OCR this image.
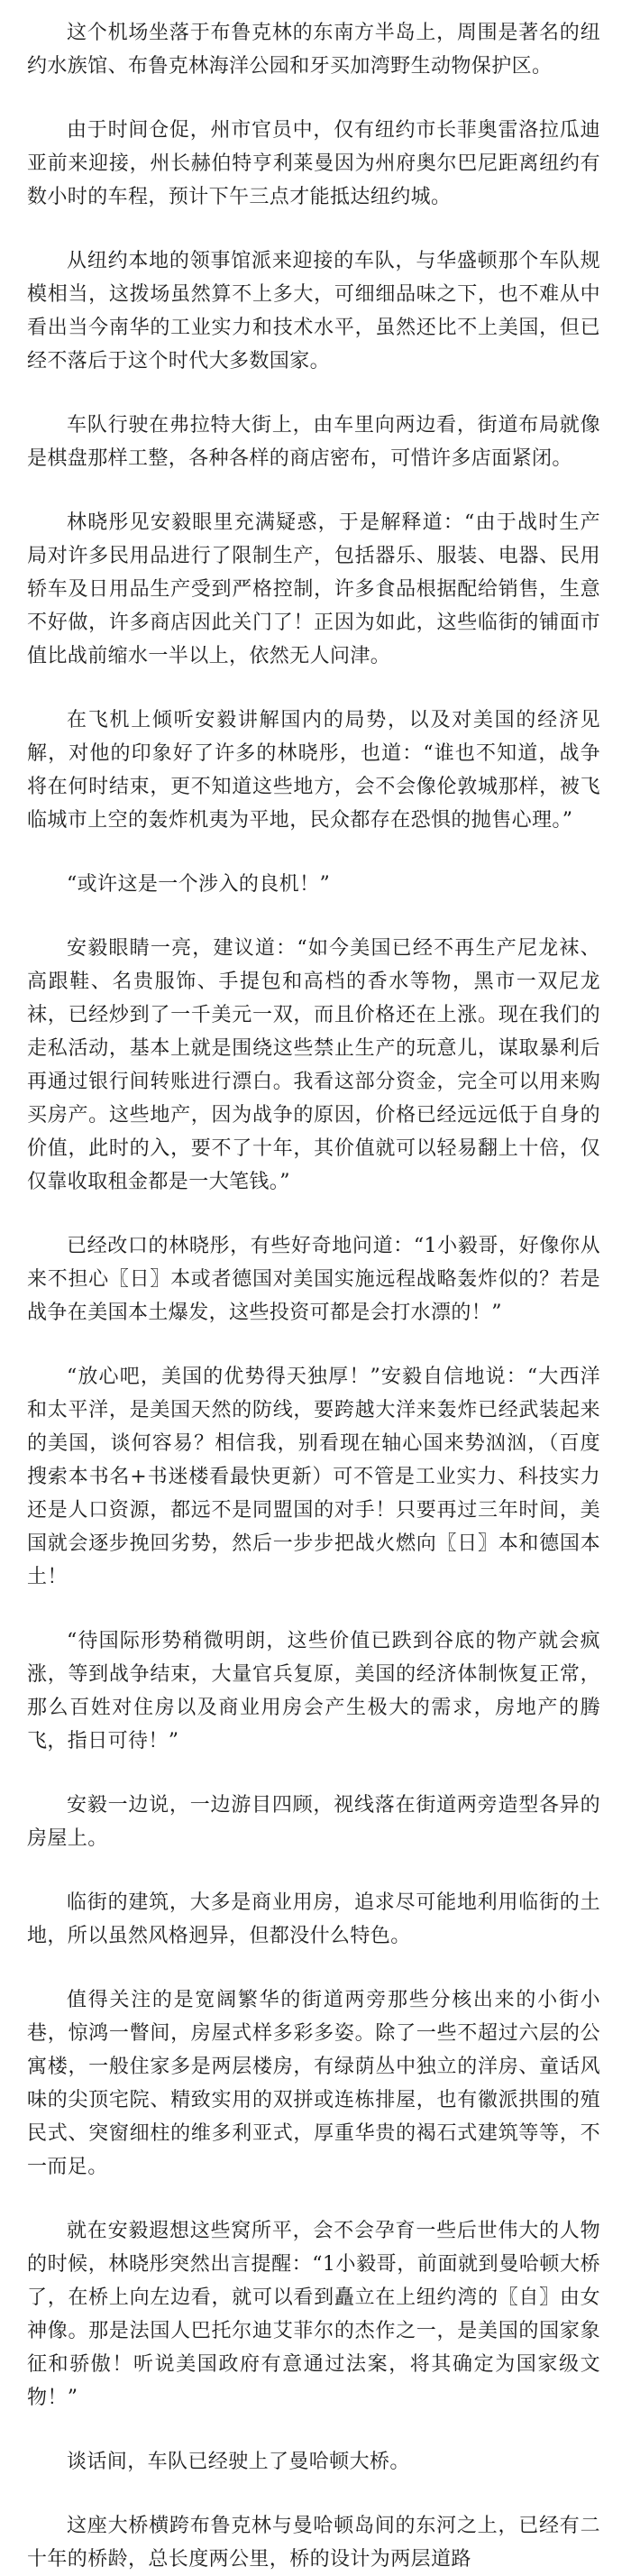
这个机场坐落于布鲁克林的东南方半岛上，周围是著名的纽约水族馆、布鲁克林海洋公园和牙买加湾野生动物保护区。

由于时间仓促，州市官员中，仅有纽约市长菲奥雷洛拉瓜迪亚前来迎接，州长赫伯特亨利莱曼因为州府奥尔巴尼距离纽约有数小时的车程，预计下午三点才能抵达纽约城。

从纽约本地的领事馆派来迎接的车队，与华盛顿那个车队规模相当，这拨场虽然算不上多大，可细细品味之下，也不难从中看出当今南华的工业实力和技术水平，虽然还比不上美国，但已经不落后于这个时代大多数国家。

车队行驶在弗拉特大街上，由车里向两边看，街道布局就像是棋盘那样工整，各种各样的商店密布，可惜许多店面紧闭。

林晓彤见安毅眼里充满疑惑，于是解释道：“由于战时生产局对许多民用品进行了限制生产，包括器乐、服装、电器、民用轿车及日用品生产受到严格控制，许多食品根据配给销售，生意不好做，许多商店因此关门了！正因为如此，这些临街的铺面市值比战前缩水一半以上，依然无人问津。

在飞机上倾听安毅讲解国内的局势，以及对美国的经济见解，对他的印象好了许多的林晓彤，也道：“谁也不知道，战争将在何时结束，更不知道这些地方，会不会像伦敦城那样，被飞临城市上空的轰炸机夷为平地，民众都存在恐惧的抛售心理。”

“或许这是一个涉入的良机！”

安毅眼睛一亮，建议道：“如今美国已经不再生产尼龙袜、高跟鞋、名贵服饰、手提包和高档的香水等物，黑市一双尼龙袜，已经炒到了一千美元一双，而且价格还在上涨。现在我们的走私活动，基本上就是围绕这些禁止生产的玩意儿，谋取暴利后再通过银行间转账进行漂白。我看这部分资金，完全可以用来购买房产。这些地产，因为战争的原因，价格已经远远低于自身的价值，此时的入，要不了十年，其价值就可以轻易翻上十倍，仅仅靠收取租金都是一大笔钱。”

已经改口的林晓彤，有些好奇地问道：“1小毅哥，好像你从来不担心〖日〗本或者德国对美国实施远程战略轰炸似的？若是战争在美国本土爆发，这些投资可都是会打水漂的！”

“放心吧，美国的优势得天独厚！”安毅自信地说：“大西洋和太平洋，是美国天然的防线，要跨越大洋来轰炸已经武装起来的美国，谈何容易？相信我，别看现在轴心国来势汹汹，（百度搜索本书名+书迷楼看最快更新）可不管是工业实力、科技实力还是人口资源，都远不是同盟国的对手！只要再过三年时间，美国就会逐步挽回劣势，然后一步步把战火燃向〖日〗本和德国本土！

“待国际形势稍微明朗，这些价值已跌到谷底的物产就会疯涨，等到战争结束，大量官兵复原，美国的经济体制恢复正常，那么百姓对住房以及商业用房会产生极大的需求，房地产的腾飞，指日可待！”

安毅一边说，一边游目四顾，视线落在街道两旁造型各异的房屋上。

临街的建筑，大多是商业用房，追求尽可能地利用临街的土地，所以虽然风格迥异，但都没什么特色。

值得关注的是宽阔繁华的街道两旁那些分核出来的小街小巷，惊鸿一瞥间，房屋式样多彩多姿。除了一些不超过六层的公寓楼，一般住家多是两层楼房，有绿荫丛中独立的洋房、童话风味的尖顶宅院、精致实用的双拼或连栋排屋，也有徽派拱围的殖民式、突窗细柱的维多利亚式，厚重华贵的褐石式建筑等等，不一而足。

就在安毅遐想这些窝所平，会不会孕育一些后世伟大的人物的时候，林晓彤突然出言提醒：“1小毅哥，前面就到曼哈顿大桥了，在桥上向左边看，就可以看到矗立在上纽约湾的〖自〗由女神像。那是法国人巴托尔迪艾菲尔的杰作之一，是美国的国家象征和骄傲！听说美国政府有意通过法案，将其确定为国家级文物！”

谈话间，车队已经驶上了曼哈顿大桥。

这座大桥横跨布鲁克林与曼哈顿岛间的东河之上，已经有二十年的桥龄，总长度两公里，桥的设计为两层道路
